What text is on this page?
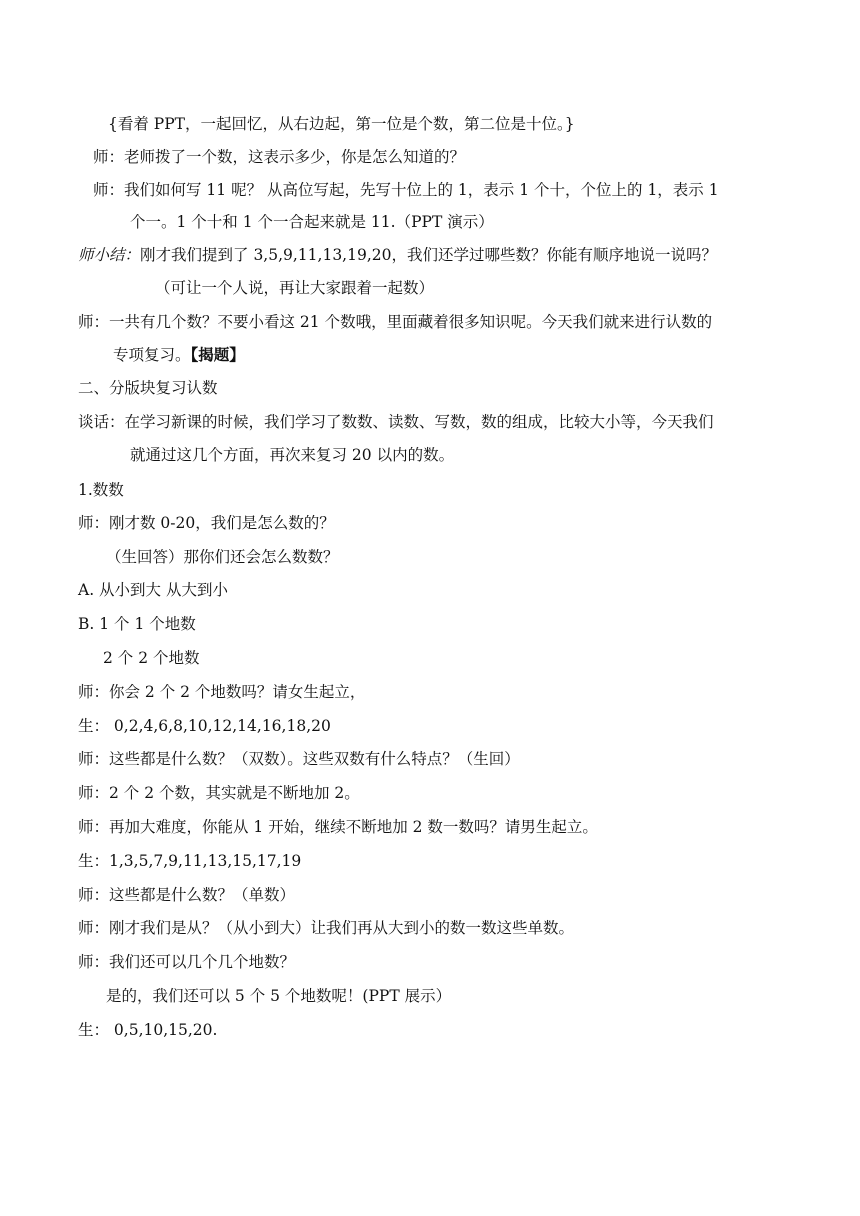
{看着 PPT，一起回忆，从右边起，第一位是个数，第二位是十位。}
师：老师拨了一个数，这表示多少，你是怎么知道的？
师：我们如何写 11 呢？ 从高位写起，先写十位上的 1，表示 1 个十，个位上的 1，表示 1
个一。1 个十和 1 个一合起来就是 11.（PPT 演示）
师小结：刚才我们提到了 3,5,9,11,13,19,20，我们还学过哪些数？你能有顺序地说一说吗？
（可让一个人说，再让大家跟着一起数）
师：一共有几个数？不要小看这 21 个数哦，里面藏着很多知识呢。今天我们就来进行认数的
专项复习。【揭题】
二、分版块复习认数
谈话：在学习新课的时候，我们学习了数数、读数、写数，数的组成，比较大小等，今天我们
就通过这几个方面，再次来复习 20 以内的数。
1.数数
师：刚才数 0-20，我们是怎么数的？
（生回答）那你们还会怎么数数？
A. 从小到大 从大到小
B. 1 个 1 个地数
2 个 2 个地数
师：你会 2 个 2 个地数吗？请女生起立，
生： 0,2,4,6,8,10,12,14,16,18,20
师：这些都是什么数？（双数）。这些双数有什么特点？（生回）
师：2 个 2 个数，其实就是不断地加 2。
师：再加大难度，你能从 1 开始，继续不断地加 2 数一数吗？请男生起立。
生：1,3,5,7,9,11,13,15,17,19
师：这些都是什么数？（单数）
师：刚才我们是从？（从小到大）让我们再从大到小的数一数这些单数。
师：我们还可以几个几个地数？
是的，我们还可以 5 个 5 个地数呢！(PPT 展示）
生： 0,5,10,15,20.
